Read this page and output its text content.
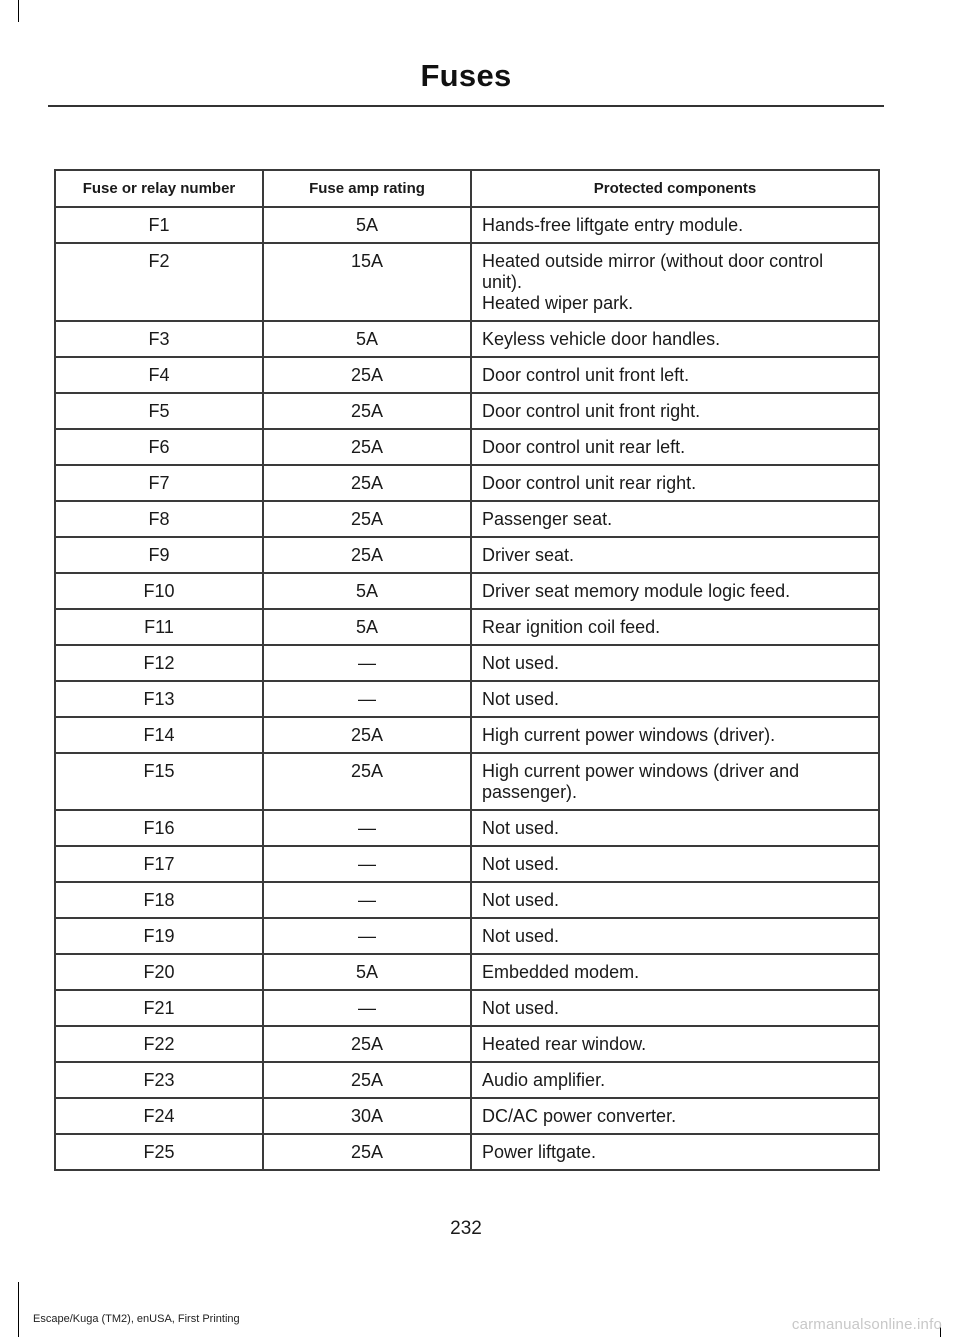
Fuses
Fuse or relay number	Fuse amp rating	Protected components
F1	5A	Hands-free liftgate entry module.

F2	15A	Heated outside mirror (without door control unit).
Heated wiper park.

F3	5A	Keyless vehicle door handles.

F4	25A	Door control unit front left.

F5	25A	Door control unit front right.

F6	25A	Door control unit rear left.

F7	25A	Door control unit rear right.

F8	25A	Passenger seat.

F9	25A	Driver seat.

F10	5A	Driver seat memory module logic feed.

F11	5A	Rear ignition coil feed.

F12	—	Not used.

F13	—	Not used.

F14	25A	High current power windows (driver).

F15	25A	High current power windows (driver and passenger).

F16	—	Not used.

F17	—	Not used.

F18	—	Not used.

F19	—	Not used.

F20	5A	Embedded modem.

F21	—	Not used.

F22	25A	Heated rear window.

F23	25A	Audio amplifier.

F24	30A	DC/AC power converter.

F25	25A	Power liftgate.
232
Escape/Kuga (TM2), enUSA, First Printing	carmanualsonline.info
